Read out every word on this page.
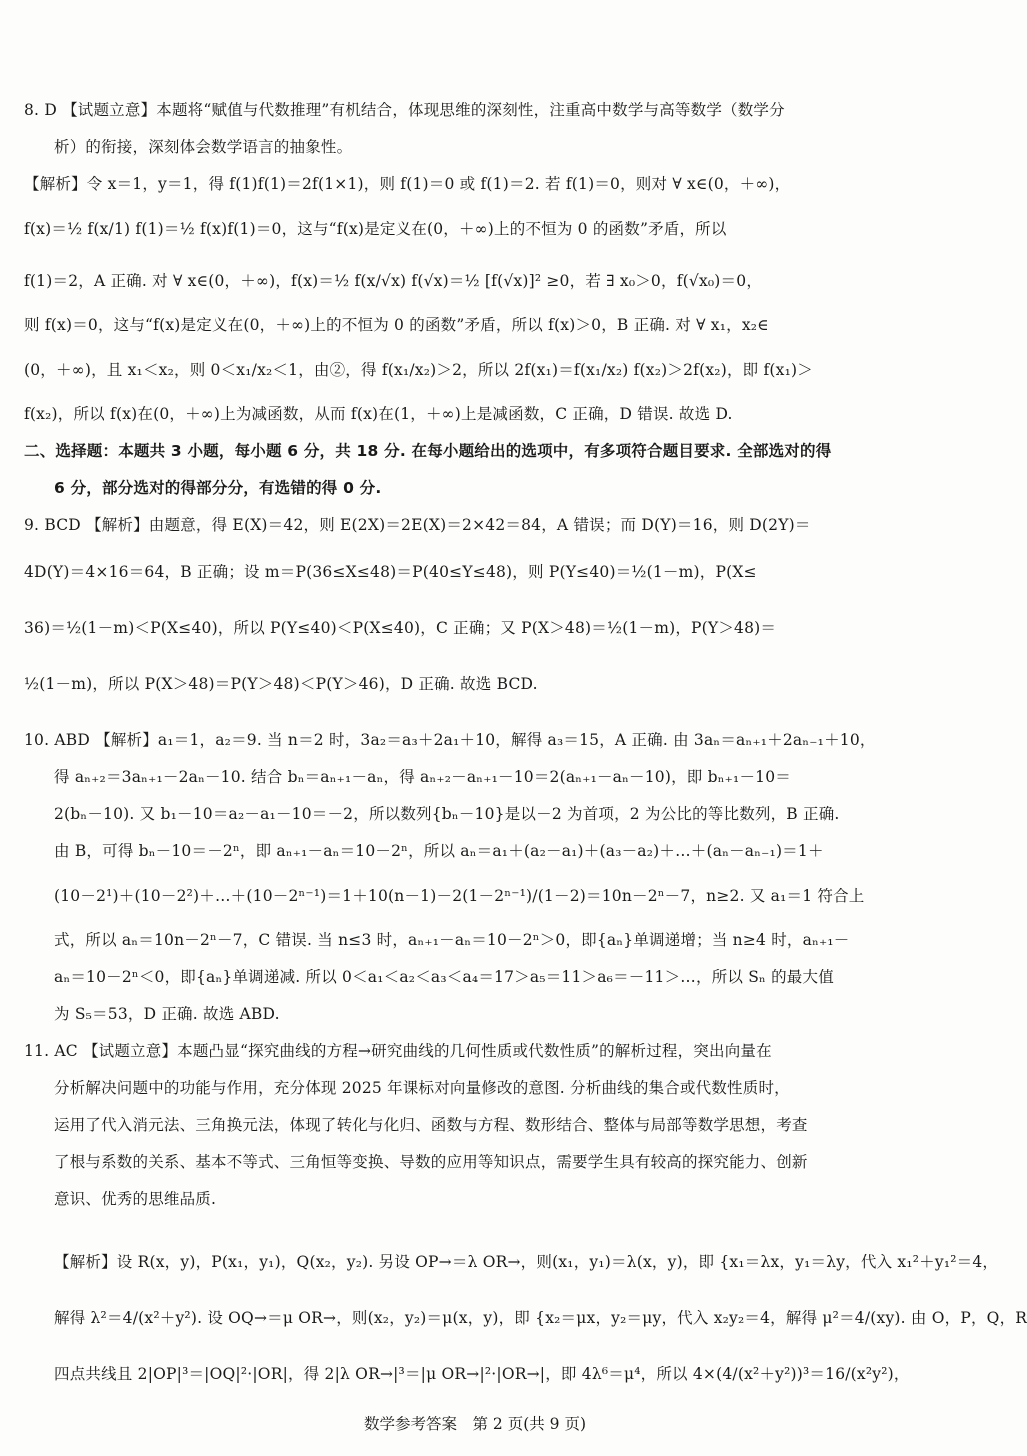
8. D 【试题立意】本题将“赋值与代数推理”有机结合，体现思维的深刻性，注重高中数学与高等数学（数学分
析）的衔接，深刻体会数学语言的抽象性。
【解析】令 x＝1，y＝1，得 f(1)f(1)＝2f(1×1)，则 f(1)＝0 或 f(1)＝2. 若 f(1)＝0，则对 ∀ x∈(0，＋∞)，
f(x)＝½ f(x/1) f(1)＝½ f(x)f(1)＝0，这与“f(x)是定义在(0，＋∞)上的不恒为 0 的函数”矛盾，所以
f(1)＝2，A 正确. 对 ∀ x∈(0，＋∞)，f(x)＝½ f(x/√x) f(√x)＝½ [f(√x)]² ≥0，若 ∃ x₀＞0，f(√x₀)＝0，
则 f(x)＝0，这与“f(x)是定义在(0，＋∞)上的不恒为 0 的函数”矛盾，所以 f(x)＞0，B 正确. 对 ∀ x₁，x₂∈
(0，＋∞)，且 x₁＜x₂，则 0＜x₁/x₂＜1，由②，得 f(x₁/x₂)＞2，所以 2f(x₁)＝f(x₁/x₂) f(x₂)＞2f(x₂)，即 f(x₁)＞
f(x₂)，所以 f(x)在(0，＋∞)上为减函数，从而 f(x)在(1，＋∞)上是减函数，C 正确，D 错误. 故选 D.
二、选择题：本题共 3 小题，每小题 6 分，共 18 分. 在每小题给出的选项中，有多项符合题目要求. 全部选对的得
6 分，部分选对的得部分分，有选错的得 0 分.
9. BCD 【解析】由题意，得 E(X)＝42，则 E(2X)＝2E(X)＝2×42＝84，A 错误；而 D(Y)＝16，则 D(2Y)＝
4D(Y)＝4×16＝64，B 正确；设 m＝P(36≤X≤48)＝P(40≤Y≤48)，则 P(Y≤40)＝½(1－m)，P(X≤
36)＝½(1－m)＜P(X≤40)，所以 P(Y≤40)＜P(X≤40)，C 正确；又 P(X＞48)＝½(1－m)，P(Y＞48)＝
½(1－m)，所以 P(X＞48)＝P(Y＞48)＜P(Y＞46)，D 正确. 故选 BCD.
10. ABD 【解析】a₁＝1，a₂＝9. 当 n＝2 时，3a₂＝a₃＋2a₁＋10，解得 a₃＝15，A 正确. 由 3aₙ＝aₙ₊₁＋2aₙ₋₁＋10，
得 aₙ₊₂＝3aₙ₊₁－2aₙ－10. 结合 bₙ＝aₙ₊₁－aₙ，得 aₙ₊₂－aₙ₊₁－10＝2(aₙ₊₁－aₙ－10)，即 bₙ₊₁－10＝
2(bₙ－10). 又 b₁－10＝a₂－a₁－10＝－2，所以数列{bₙ－10}是以－2 为首项，2 为公比的等比数列，B 正确.
由 B，可得 bₙ－10＝－2ⁿ，即 aₙ₊₁－aₙ＝10－2ⁿ，所以 aₙ＝a₁＋(a₂－a₁)＋(a₃－a₂)＋…＋(aₙ－aₙ₋₁)＝1＋
(10－2¹)＋(10－2²)＋…＋(10－2ⁿ⁻¹)＝1＋10(n－1)－2(1－2ⁿ⁻¹)/(1－2)＝10n－2ⁿ－7，n≥2. 又 a₁＝1 符合上
式，所以 aₙ＝10n－2ⁿ－7，C 错误. 当 n≤3 时，aₙ₊₁－aₙ＝10－2ⁿ＞0，即{aₙ}单调递增；当 n≥4 时，aₙ₊₁－
aₙ＝10－2ⁿ＜0，即{aₙ}单调递减. 所以 0＜a₁＜a₂＜a₃＜a₄＝17＞a₅＝11＞a₆＝－11＞…，所以 Sₙ 的最大值
为 S₅＝53，D 正确. 故选 ABD.
11. AC 【试题立意】本题凸显“探究曲线的方程→研究曲线的几何性质或代数性质”的解析过程，突出向量在
分析解决问题中的功能与作用，充分体现 2025 年课标对向量修改的意图. 分析曲线的集合或代数性质时，
运用了代入消元法、三角换元法，体现了转化与化归、函数与方程、数形结合、整体与局部等数学思想，考查
了根与系数的关系、基本不等式、三角恒等变换、导数的应用等知识点，需要学生具有较高的探究能力、创新
意识、优秀的思维品质.
【解析】设 R(x，y)，P(x₁，y₁)，Q(x₂，y₂). 另设 OP→＝λ OR→，则(x₁，y₁)＝λ(x，y)，即 {x₁＝λx，y₁＝λy，代入 x₁²＋y₁²＝4，
解得 λ²＝4/(x²＋y²). 设 OQ→＝μ OR→，则(x₂，y₂)＝μ(x，y)，即 {x₂＝μx，y₂＝μy，代入 x₂y₂＝4，解得 μ²＝4/(xy). 由 O，P，Q，R
四点共线且 2|OP|³＝|OQ|²·|OR|，得 2|λ OR→|³＝|μ OR→|²·|OR→|，即 4λ⁶＝μ⁴，所以 4×(4/(x²＋y²))³＝16/(x²y²)，
数学参考答案　第 2 页(共 9 页)
